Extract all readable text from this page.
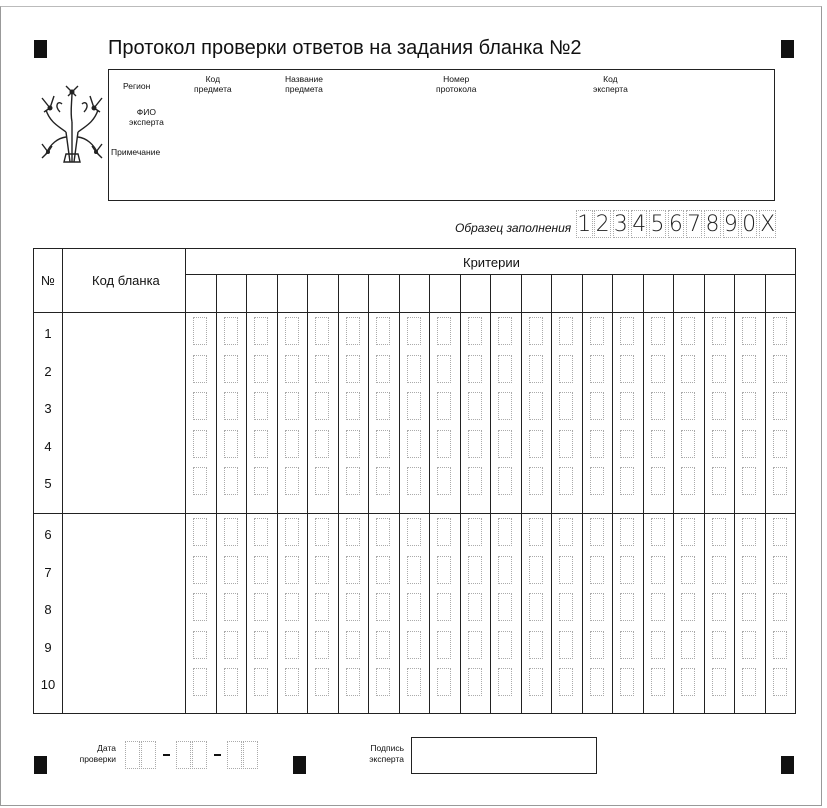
Протокол проверки ответов на задания бланка №2
Регион
Код
предмета
Название
предмета
Номер
протокола
Код
эксперта
ФИО
эксперта
Примечание
Образец заполнения 1 2 3 4 5 6 7 8 9 0 X
№	Код бланка
Критерии
1
2
3
4
5
6
7
8
9
10
Дата
проверки
Подпись
эксперта
